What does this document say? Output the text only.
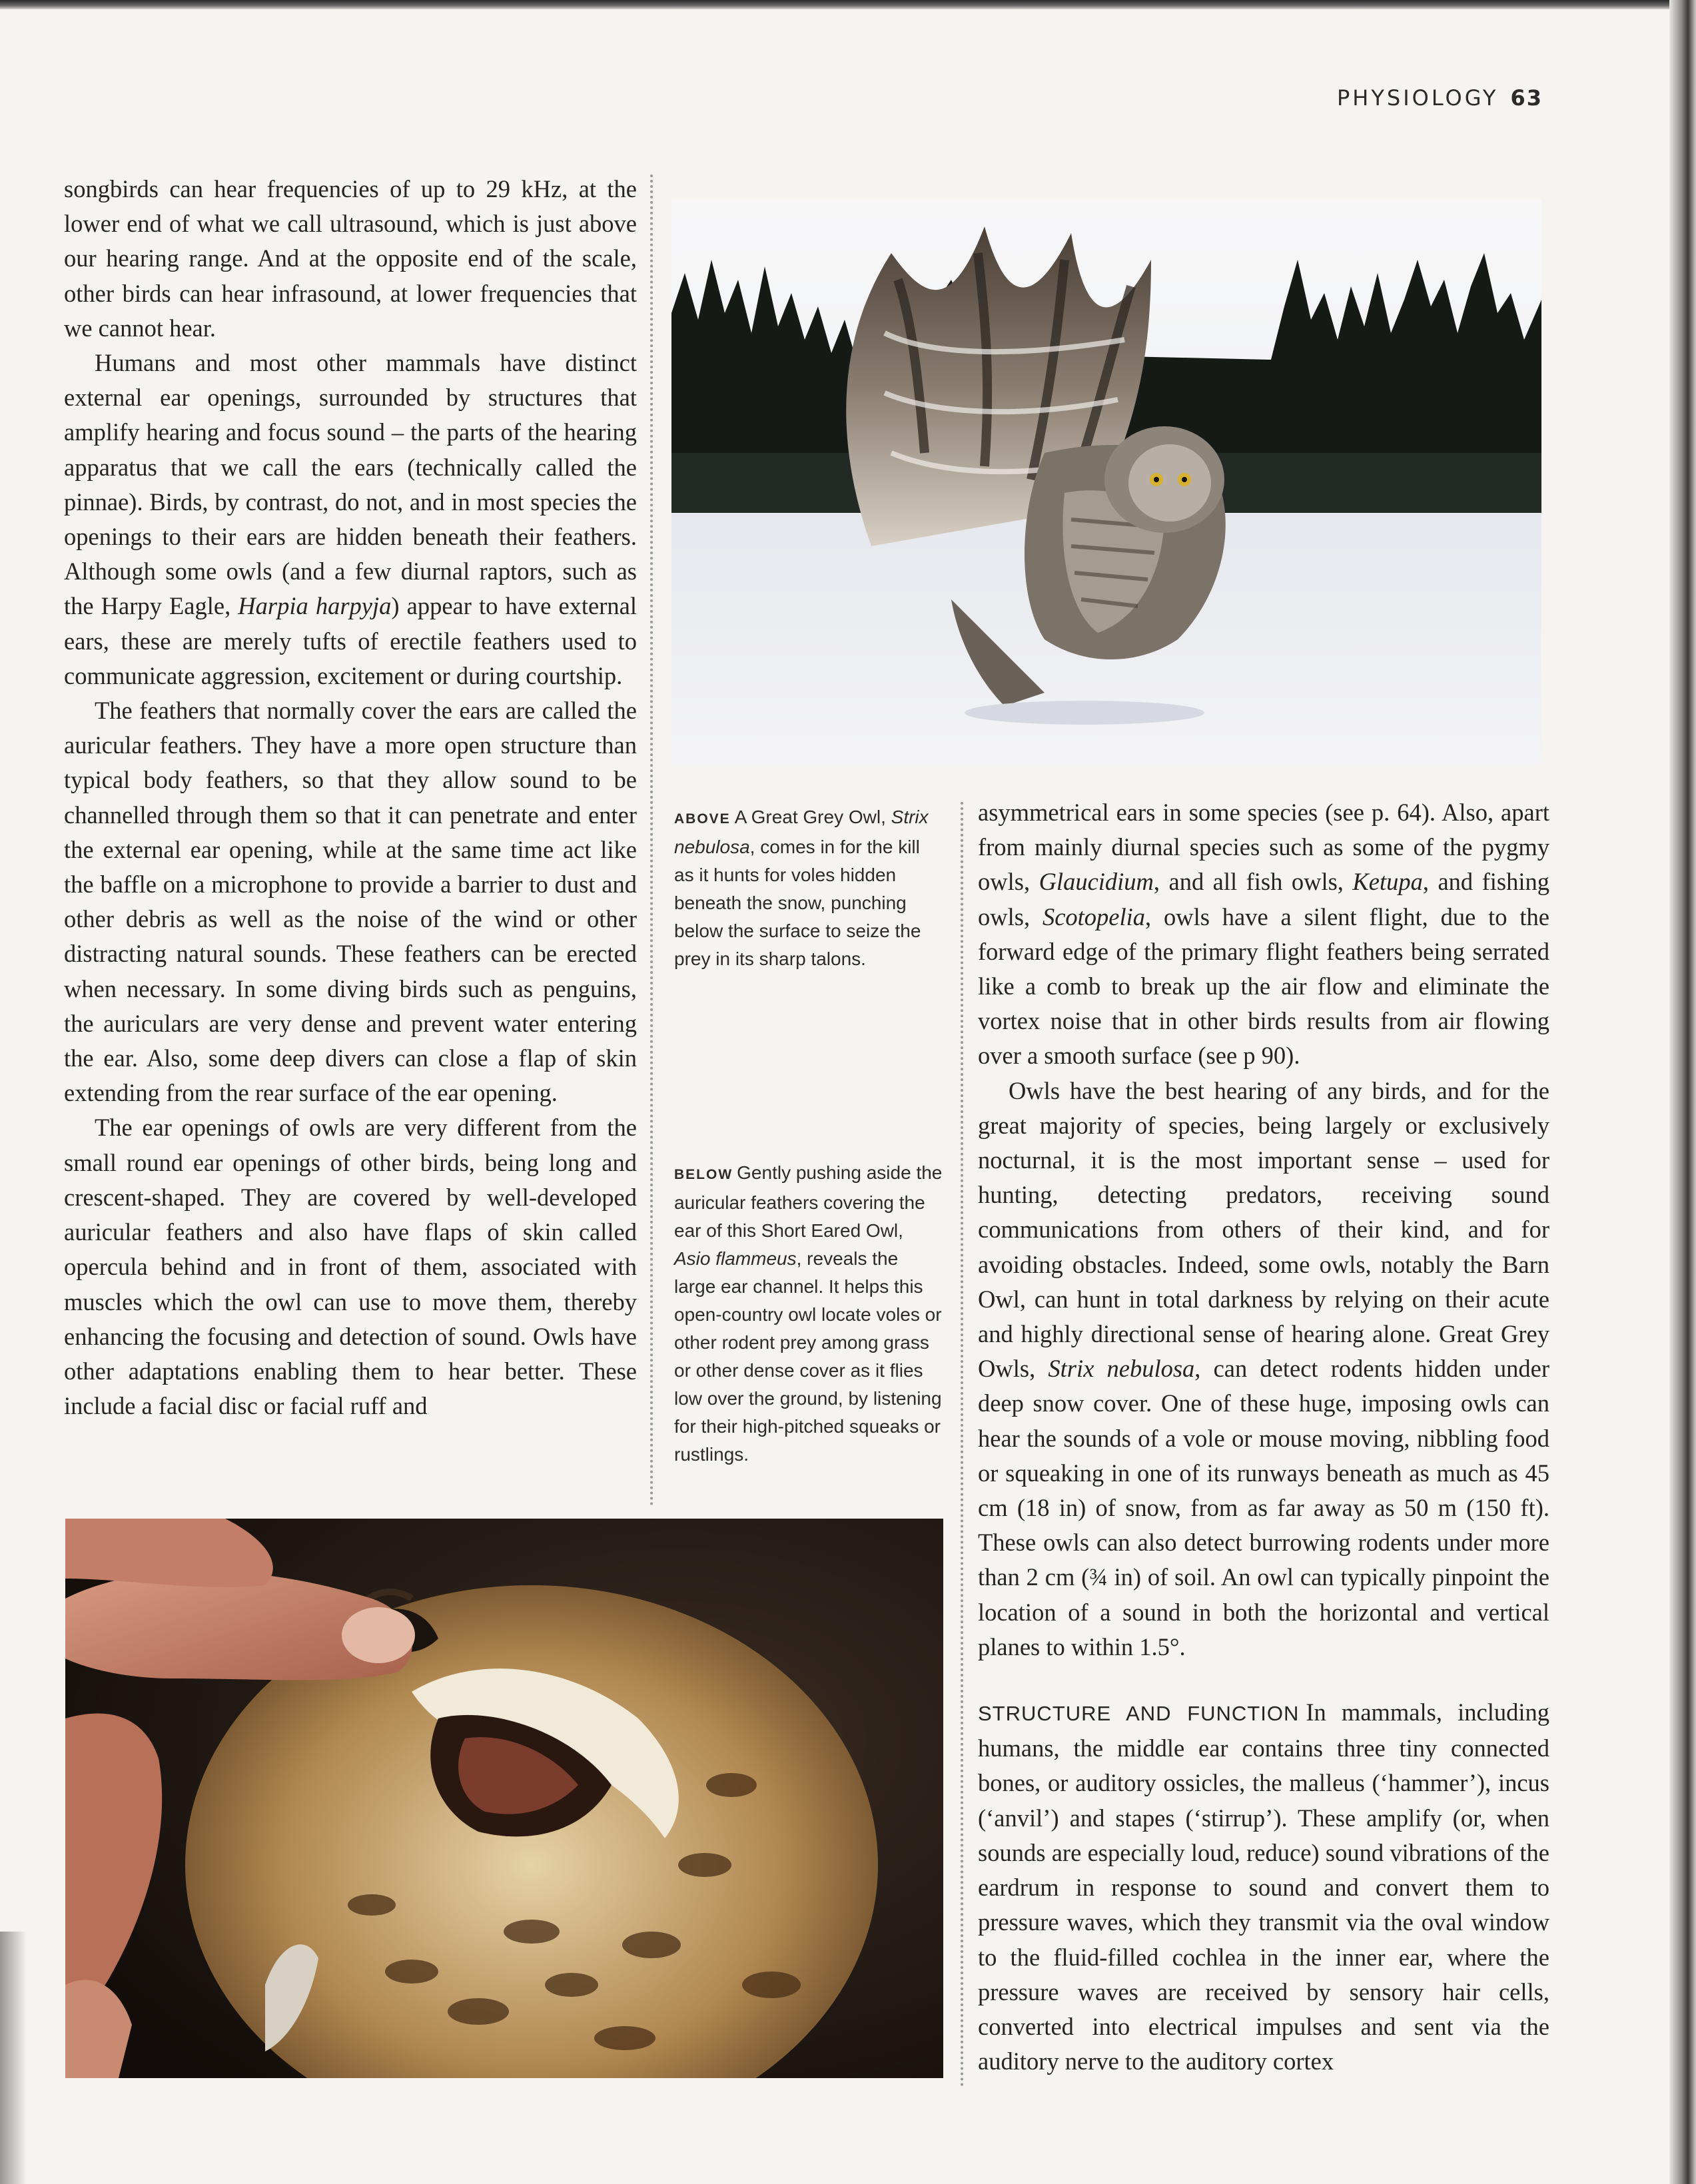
PHYSIOLOGY 63

songbirds can hear frequencies of up to 29 kHz, at the lower end of what we call ultrasound, which is just above our hearing range. And at the opposite end of the scale, other birds can hear infrasound, at lower frequencies that we cannot hear.

Humans and most other mammals have distinct external ear openings, surrounded by structures that amplify hearing and focus sound – the parts of the hearing apparatus that we call the ears (technically called the pinnae). Birds, by contrast, do not, and in most species the openings to their ears are hidden beneath their feathers. Although some owls (and a few diurnal raptors, such as the Harpy Eagle, Harpia harpyja) appear to have external ears, these are merely tufts of erectile feathers used to communicate aggression, excitement or during courtship.

The feathers that normally cover the ears are called the auricular feathers. They have a more open structure than typical body feathers, so that they allow sound to be channelled through them so that it can penetrate and enter the external ear opening, while at the same time act like the baffle on a microphone to provide a barrier to dust and other debris as well as the noise of the wind or other distracting natural sounds. These feathers can be erected when necessary. In some diving birds such as penguins, the auriculars are very dense and prevent water entering the ear. Also, some deep divers can close a flap of skin extending from the rear surface of the ear opening.

The ear openings of owls are very different from the small round ear openings of other birds, being long and crescent-shaped. They are covered by well-developed auricular feathers and also have flaps of skin called opercula behind and in front of them, associated with muscles which the owl can use to move them, thereby enhancing the focusing and detection of sound. Owls have other adaptations enabling them to hear better. These include a facial disc or facial ruff and

ABOVE A Great Grey Owl, Strix nebulosa, comes in for the kill as it hunts for voles hidden beneath the snow, punching below the surface to seize the prey in its sharp talons.
BELOW Gently pushing aside the auricular feathers covering the ear of this Short Eared Owl, Asio flammeus, reveals the large ear channel. It helps this open-country owl locate voles or other rodent prey among grass or other dense cover as it flies low over the ground, by listening for their high-pitched squeaks or rustlings.

asymmetrical ears in some species (see p. 64). Also, apart from mainly diurnal species such as some of the pygmy owls, Glaucidium, and all fish owls, Ketupa, and fishing owls, Scotopelia, owls have a silent flight, due to the forward edge of the primary flight feathers being serrated like a comb to break up the air flow and eliminate the vortex noise that in other birds results from air flowing over a smooth surface (see p 90).

Owls have the best hearing of any birds, and for the great majority of species, being largely or exclusively nocturnal, it is the most important sense – used for hunting, detecting predators, receiving sound communications from others of their kind, and for avoiding obstacles. Indeed, some owls, notably the Barn Owl, can hunt in total darkness by relying on their acute and highly directional sense of hearing alone. Great Grey Owls, Strix nebulosa, can detect rodents hidden under deep snow cover. One of these huge, imposing owls can hear the sounds of a vole or mouse moving, nibbling food or squeaking in one of its runways beneath as much as 45 cm (18 in) of snow, from as far away as 50 m (150 ft). These owls can also detect burrowing rodents under more than 2 cm (¾ in) of soil. An owl can typically pinpoint the location of a sound in both the horizontal and vertical planes to within 1.5°.

STRUCTURE AND FUNCTION In mammals, including humans, the middle ear contains three tiny connected bones, or auditory ossicles, the malleus (‘hammer’), incus (‘anvil’) and stapes (‘stirrup’). These amplify (or, when sounds are especially loud, reduce) sound vibrations of the eardrum in response to sound and convert them to pressure waves, which they transmit via the oval window to the fluid-filled cochlea in the inner ear, where the pressure waves are received by sensory hair cells, converted into electrical impulses and sent via the auditory nerve to the auditory cortex
